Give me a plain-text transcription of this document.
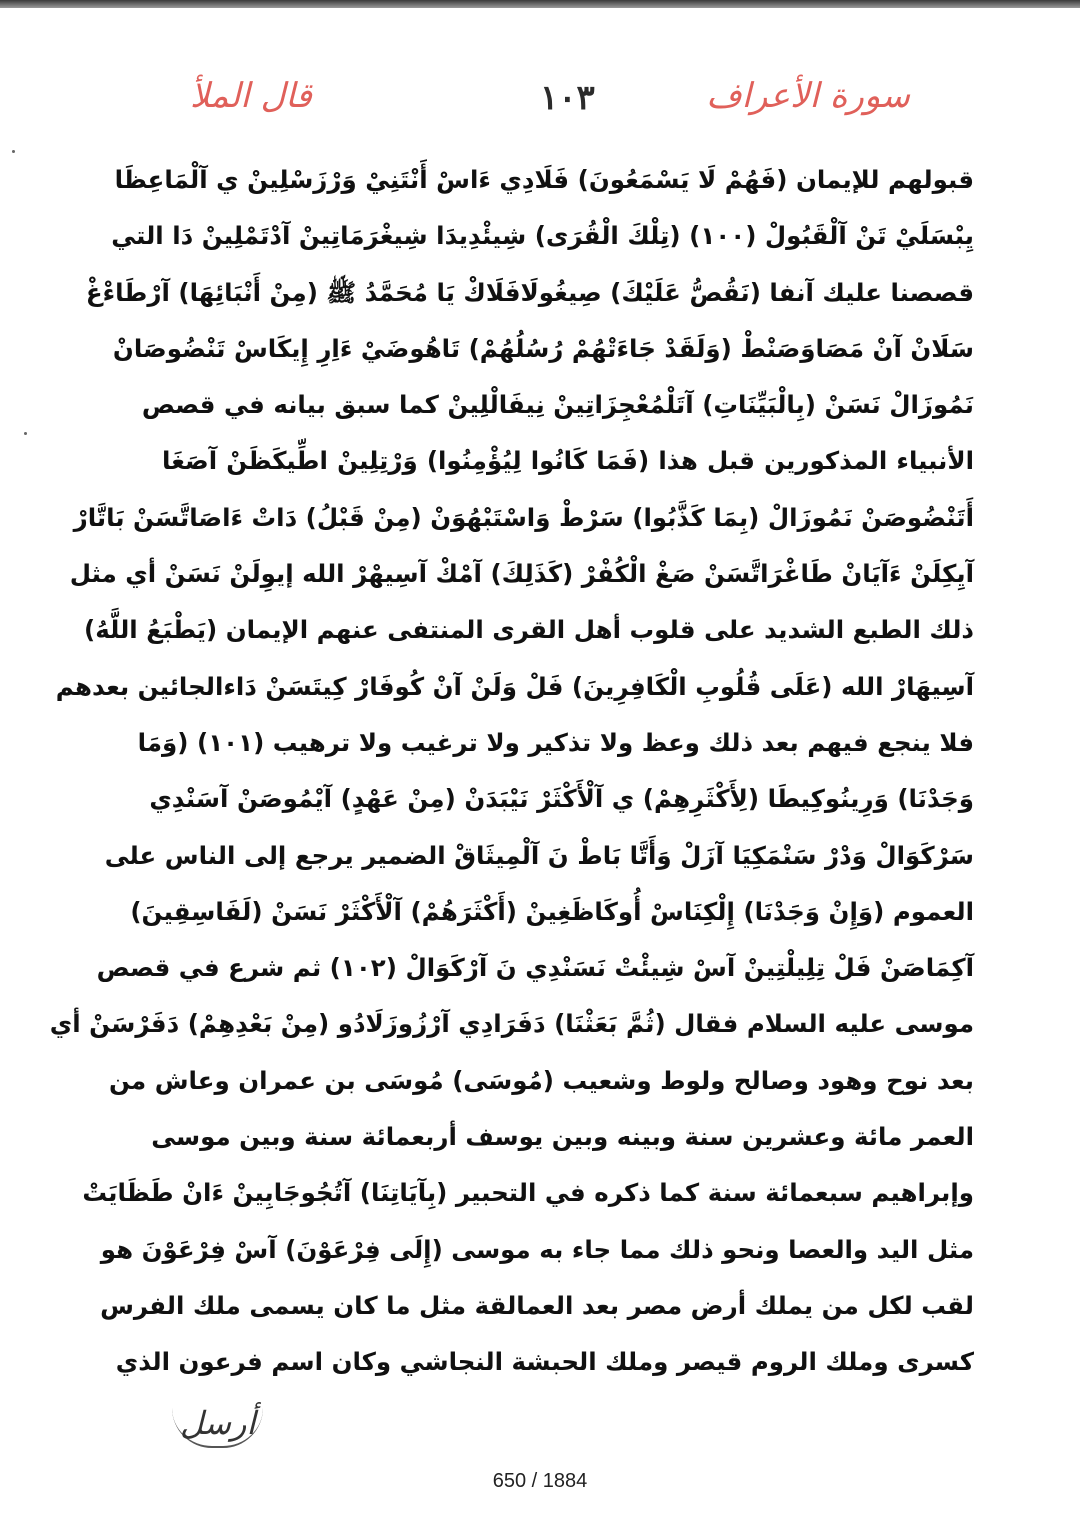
قال الملأ	١٠٣	سورة الأعراف
قبولهم للإيمان (فَهُمْ لَا يَسْمَعُونَ) فَلَادِي ءَاسْ أَنْتَنِيْ وَرْزَسْلِينْ ي آلْمَاعِظَا
يِبْسَلَيْ تَنْ آلْقَبُولْ (١٠٠) (تِلْكَ الْقُرَى) شِيئْدِيدَا شِيغْرَمَاتِينْ آدْتَمْلِينْ دَا التي
قصصنا عليك آنفا (نَقُصُّ عَلَيْكَ) صِيغُولَافَلَاكْ يَا مُحَمَّدُ ﷺ (مِنْ أَنْبَائِهَا) آرْطَاءْغْ
سَلَانْ آنْ مَصَاوَصَنْطْ (وَلَقَدْ جَاءَتْهُمْ رُسُلُهُمْ) تَاهُوضَيْ ءَاِرِ إِيكَاسْ تَنْضُوصَانْ
نَمُوزَالْ نَسَنْ (بِالْبَيِّنَاتِ) آتَلْمُعْجِزَاتِينْ نِيفَالْلِينْ كما سبق بيانه في قصص
الأنبياء المذكورين قبل هذا (فَمَا كَانُوا لِيُؤْمِنُوا) وَرْتِلِينْ اطِّيكَظَنْ آصَغَا
أَتَنْضُوصَنْ نَمُوزَالْ (بِمَا كَذَّبُوا) سَرْطْ وَاسْتَبْهُوَنْ (مِنْ قَبْلُ) دَاتْ ءَاصَاتَّسَنْ بَاتَّارْ
آيِكِلَنْ ءَآيَانْ طَاغْرَاتَّسَنْ صَغْ الْكُفْرْ (كَذَلِكَ) آمْكْ آسِيهْرْ الله إيوِلَنْ نَسَنْ أي مثل
ذلك الطبع الشديد على قلوب أهل القرى المنتفى عنهم الإيمان (يَطْبَعُ اللَّهُ)
آسِيهَارْ الله (عَلَى قُلُوبِ الْكَافِرِينَ) فَلْ وَلَنْ آنْ كُوفَارْ كِيتَسَنْ دَاءالجائين بعدهم
فلا ينجع فيهم بعد ذلك وعظ ولا تذكير ولا ترغيب ولا ترهيب (١٠١) (وَمَا
وَجَدْنَا) وَرِينُوكِيطَا (لِأَكْثَرِهِمْ) ي آلْأَكْثَرْ نَيْبَدَنْ (مِنْ عَهْدٍ) آيْمُوصَنْ آسَنْدِي
سَرْكَوَالْ وَدْرْ سَنْمَكِيَا آزَلْ وَأَتَّا بَاطْ نَ آلْمِيثَاقْ الضمير يرجع إلى الناس على
العموم (وَإِنْ وَجَدْنَا) إِلْكِنَاسْ أُوكَاظَغِينْ (أَكْثَرَهُمْ) آلْأَكْثَرْ نَسَنْ (لَفَاسِقِينَ)
آكِمَاصَنْ فَلْ تِلِيلْتِينْ آسْ شِيئْتْ نَسَنْدِي نَ آرْكَوَالْ (١٠٢) ثم شرع في قصص
موسى عليه السلام فقال (ثُمَّ بَعَثْنَا) دَفَرَادِي آرْزُوزَلَادُو (مِنْ بَعْدِهِمْ) دَفَرْسَنْ أي
بعد نوح وهود وصالح ولوط وشعيب (مُوسَى) مُوسَى بن عمران وعاش من
العمر مائة وعشرين سنة وبينه وبين يوسف أربعمائة سنة وبين موسى
وإبراهيم سبعمائة سنة كما ذكره في التحبير (بِآيَاتِنَا) آتُجُوجَابِينْ ءَانْ طَظَايَتْ
مثل اليد والعصا ونحو ذلك مما جاء به موسى (إِلَى فِرْعَوْنَ) آسْ فِرْعَوْنَ هو
لقب لكل من يملك أرض مصر بعد العمالقة مثل ما كان يسمى ملك الفرس
كسرى وملك الروم قيصر وملك الحبشة النجاشي وكان اسم فرعون الذي
أرسل
650 / 1884
